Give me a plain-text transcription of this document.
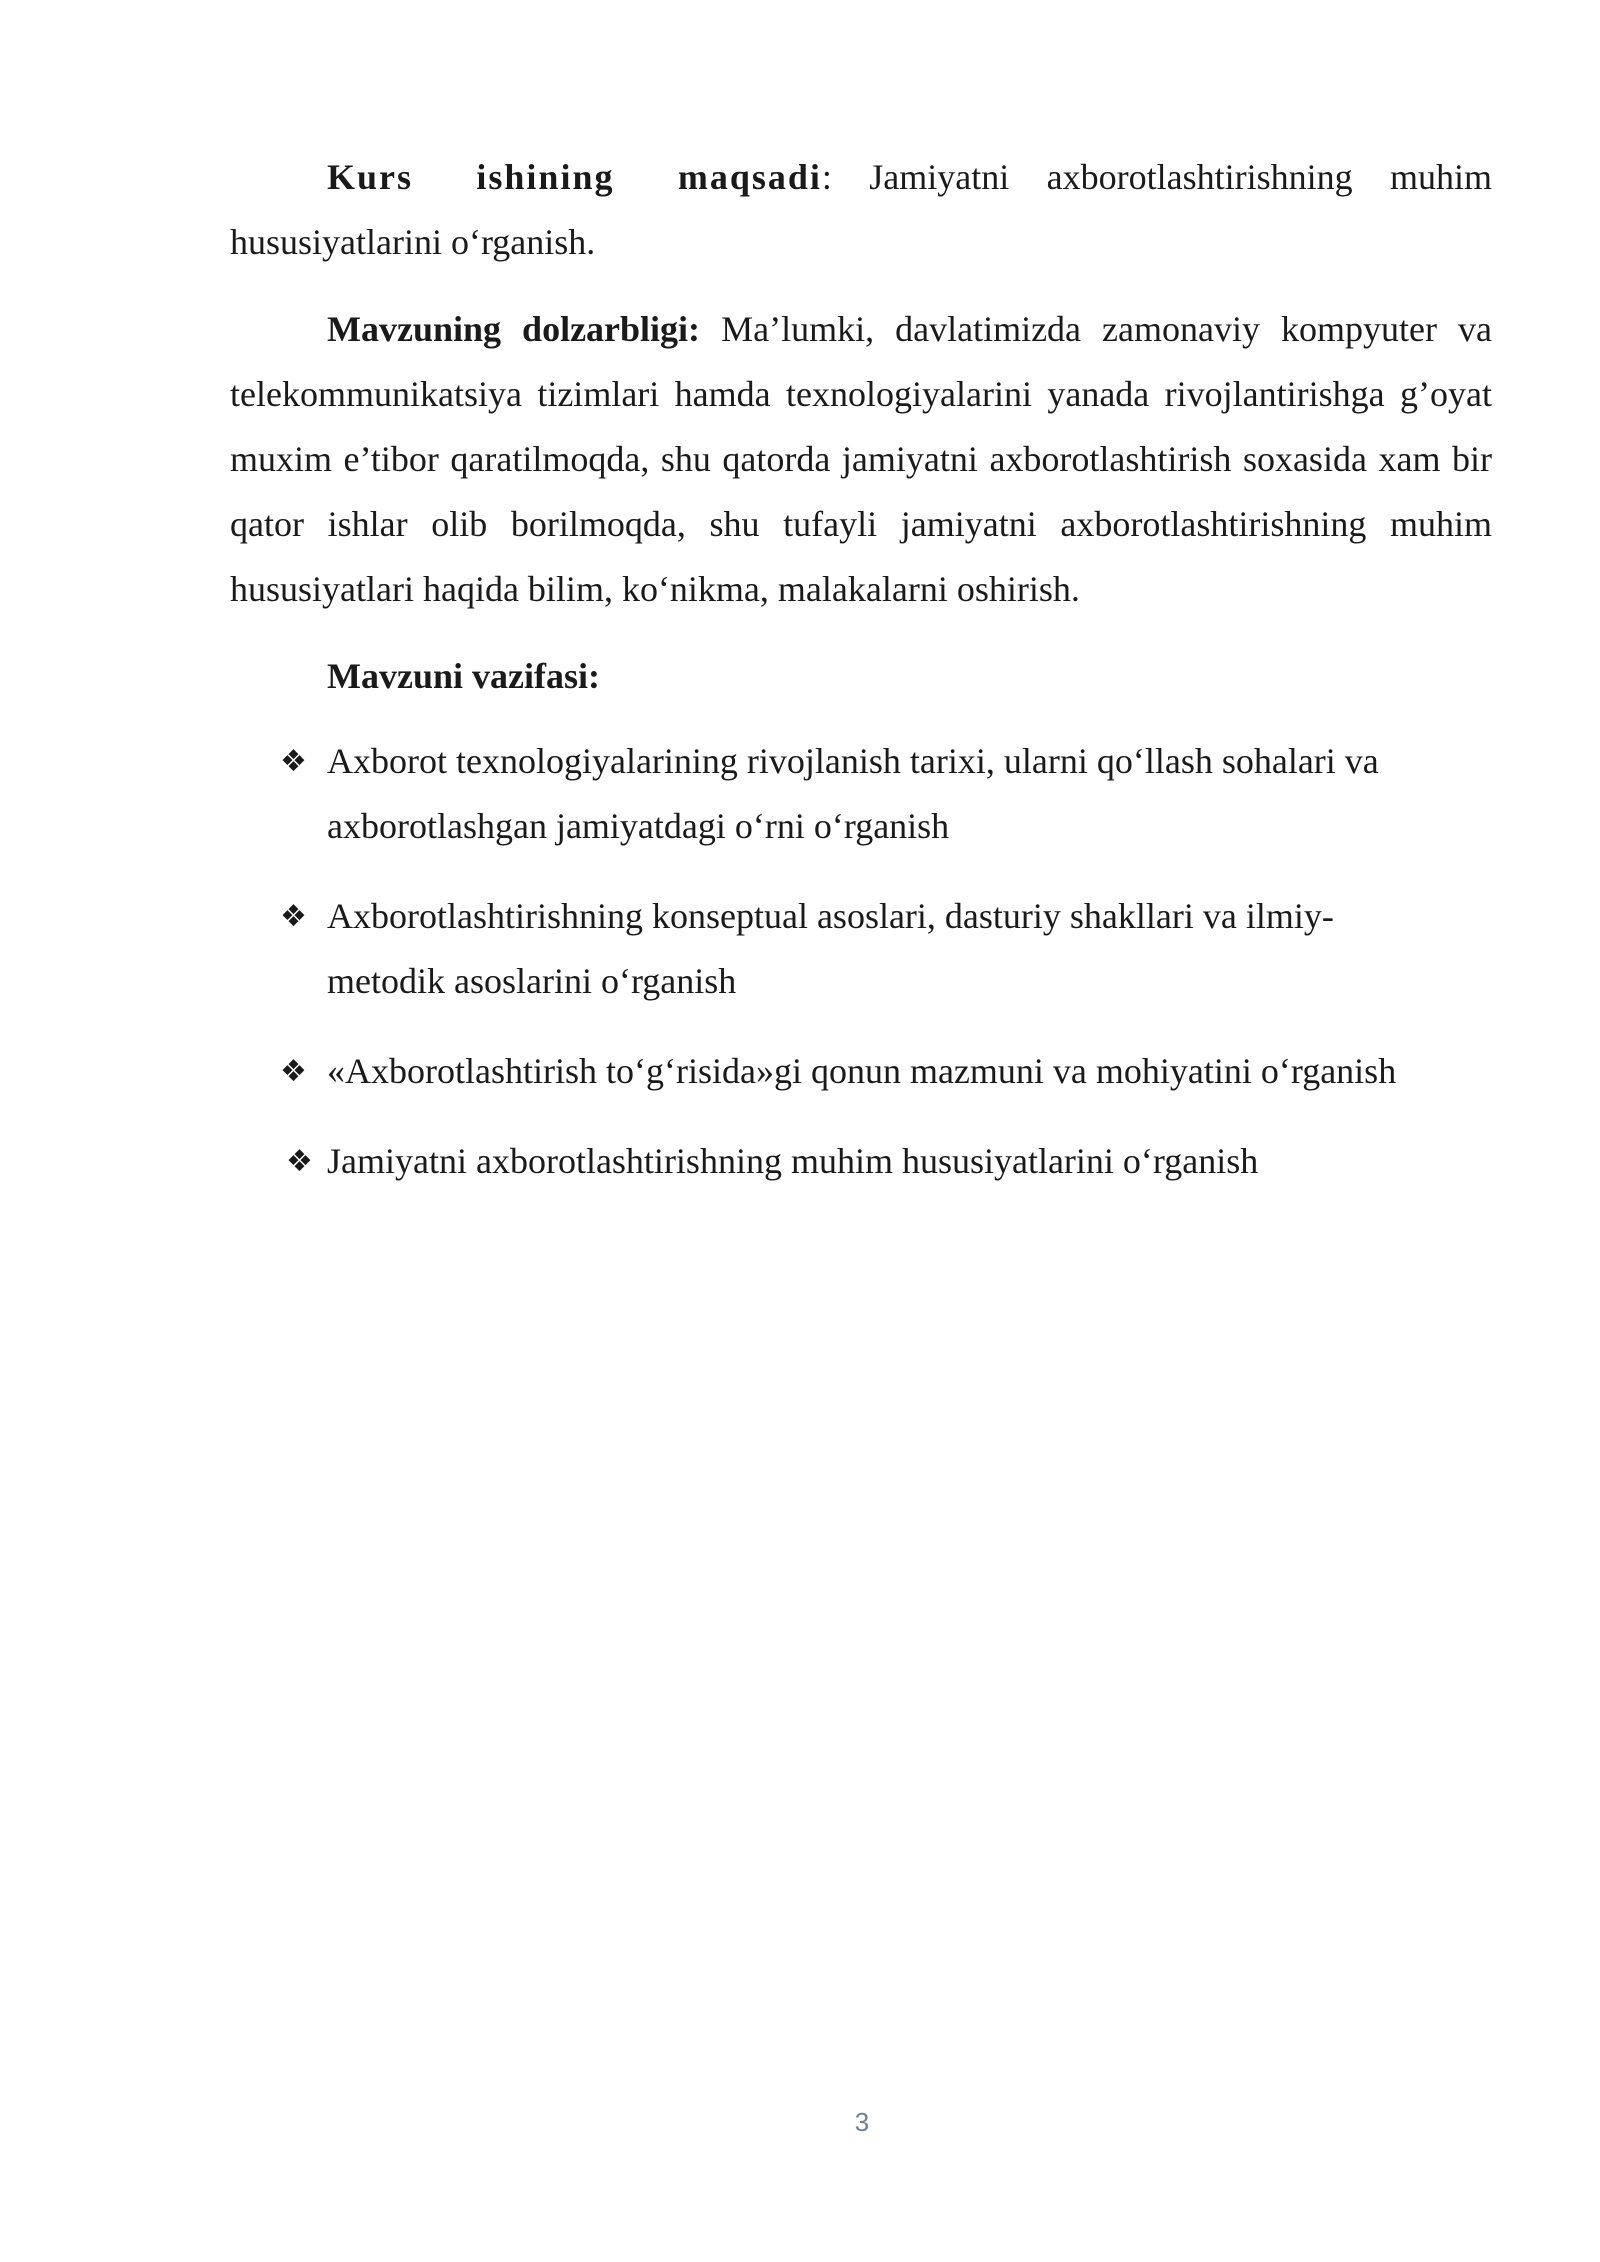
Kurs ishining maqsadi: Jamiyatni axborotlashtirishning muhim hususiyatlarini o‘rganish.

Mavzuning dolzarbligi: Ma’lumki, davlatimizda zamonaviy kompyuter va telekommunikatsiya tizimlari hamda texnologiyalarini yanada rivojlantirishga g’oyat muxim e’tibor qaratilmoqda, shu qatorda jamiyatni axborotlashtirish soxasida xam bir qator ishlar olib borilmoqda, shu tufayli jamiyatni axborotlashtirishning muhim hususiyatlari haqida bilim, ko‘nikma, malakalarni oshirish.

Mavzuni vazifasi:

❖ Axborot texnologiyalarining rivojlanish tarixi, ularni qo‘llash sohalari va axborotlashgan jamiyatdagi o‘rni o‘rganish
❖ Axborotlashtirishning konseptual asoslari, dasturiy shakllari va ilmiy-metodik asoslarini o‘rganish
❖ «Axborotlashtirish to‘g‘risida»gi qonun mazmuni va mohiyatini o‘rganish
❖ Jamiyatni axborotlashtirishning muhim hususiyatlarini o‘rganish
3
